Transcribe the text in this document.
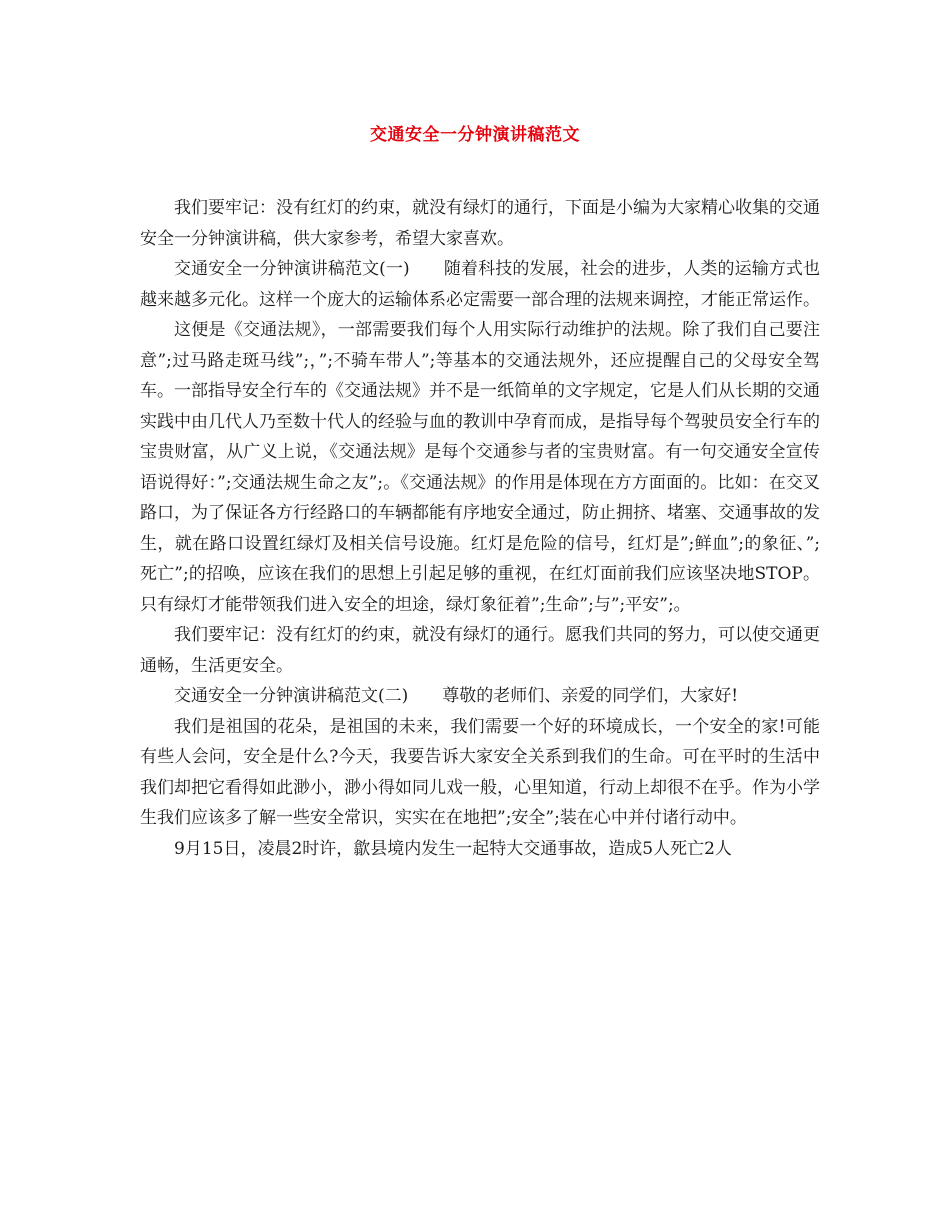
交通安全一分钟演讲稿范文

我们要牢记：没有红灯的约束，就没有绿灯的通行，下面是小编为大家精心收集的交通安全一分钟演讲稿，供大家参考，希望大家喜欢。

交通安全一分钟演讲稿范文(一)　　随着科技的发展，社会的进步，人类的运输方式也越来越多元化。这样一个庞大的运输体系必定需要一部合理的法规来调控，才能正常运作。

这便是《交通法规》，一部需要我们每个人用实际行动维护的法规。除了我们自己要注意”;过马路走斑马线”;，”;不骑车带人”;等基本的交通法规外，还应提醒自己的父母安全驾车。一部指导安全行车的《交通法规》并不是一纸简单的文字规定，它是人们从长期的交通实践中由几代人乃至数十代人的经验与血的教训中孕育而成，是指导每个驾驶员安全行车的宝贵财富，从广义上说，《交通法规》是每个交通参与者的宝贵财富。有一句交通安全宣传语说得好：”;交通法规生命之友”;。《交通法规》的作用是体现在方方面面的。比如：在交叉路口，为了保证各方行经路口的车辆都能有序地安全通过，防止拥挤、堵塞、交通事故的发生，就在路口设置红绿灯及相关信号设施。红灯是危险的信号，红灯是”;鲜血”;的象征、”;死亡”;的招唤，应该在我们的思想上引起足够的重视，在红灯面前我们应该坚决地STOP。只有绿灯才能带领我们进入安全的坦途，绿灯象征着”;生命”;与”;平安”;。

我们要牢记：没有红灯的约束，就没有绿灯的通行。愿我们共同的努力，可以使交通更通畅，生活更安全。

交通安全一分钟演讲稿范文(二)　　尊敬的老师们、亲爱的同学们，大家好!

我们是祖国的花朵，是祖国的未来，我们需要一个好的环境成长，一个安全的家!可能有些人会问，安全是什么?今天，我要告诉大家安全关系到我们的生命。可在平时的生活中我们却把它看得如此渺小，渺小得如同儿戏一般，心里知道，行动上却很不在乎。作为小学生我们应该多了解一些安全常识，实实在在地把”;安全”;装在心中并付诸行动中。

9月15日，凌晨2时许，歙县境内发生一起特大交通事故，造成5人死亡2人
